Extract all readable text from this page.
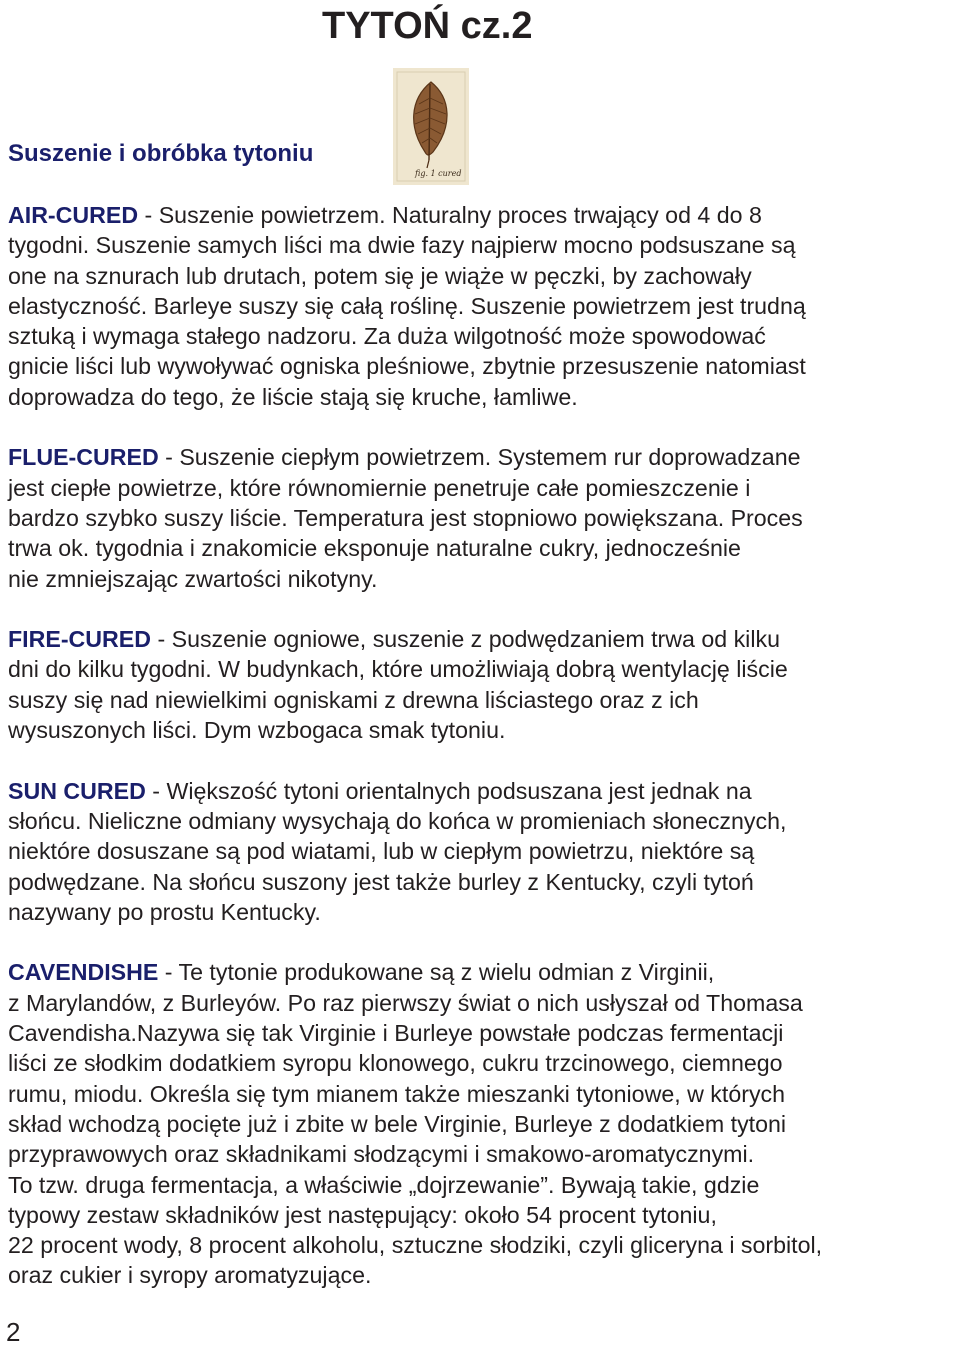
TYTOŃ cz.2
Suszenie i obróbka tytoniu
fig. 1 cured
AIR-CURED - Suszenie powietrzem. Naturalny proces trwający od 4 do 8
tygodni. Suszenie samych liści ma dwie fazy najpierw mocno podsuszane są
one na sznurach lub drutach, potem się je wiąże w pęczki, by zachowały
elastyczność. Barleye suszy się całą roślinę. Suszenie powietrzem jest trudną
sztuką i wymaga stałego nadzoru. Za duża wilgotność może spowodować
gnicie liści lub wywoływać ogniska pleśniowe, zbytnie przesuszenie natomiast
doprowadza do tego, że liście stają się kruche, łamliwe.
FLUE-CURED - Suszenie ciepłym powietrzem. Systemem rur doprowadzane
jest ciepłe powietrze, które równomiernie penetruje całe pomieszczenie i
bardzo szybko suszy liście. Temperatura jest stopniowo powiększana. Proces
trwa ok. tygodnia i znakomicie eksponuje naturalne cukry, jednocześnie
nie zmniejszając zwartości nikotyny.
FIRE-CURED - Suszenie ogniowe, suszenie z podwędzaniem trwa od kilku
dni do kilku tygodni. W budynkach, które umożliwiają dobrą wentylację liście
suszy się nad niewielkimi ogniskami z drewna liściastego oraz z ich
wysuszonych liści. Dym wzbogaca smak tytoniu.
SUN CURED - Większość tytoni orientalnych podsuszana jest jednak na
słońcu. Nieliczne odmiany wysychają do końca w promieniach słonecznych,
niektóre dosuszane są pod wiatami, lub w ciepłym powietrzu, niektóre są
podwędzane. Na słońcu suszony jest także burley z Kentucky, czyli tytoń
nazywany po prostu Kentucky.
CAVENDISHE - Te tytonie produkowane są z wielu odmian z Virginii,
z Marylandów, z Burleyów. Po raz pierwszy świat o nich usłyszał od Thomasa
Cavendisha.Nazywa się tak Virginie i Burleye powstałe podczas fermentacji
liści ze słodkim dodatkiem syropu klonowego, cukru trzcinowego, ciemnego
rumu, miodu. Określa się tym mianem także mieszanki tytoniowe, w których
skład wchodzą pocięte już i zbite w bele Virginie, Burleye z dodatkiem tytoni
przyprawowych oraz składnikami słodzącymi i smakowo-aromatycznymi.
To tzw. druga fermentacja, a właściwie „dojrzewanie”. Bywają takie, gdzie
typowy zestaw składników jest następujący: około 54 procent tytoniu,
22 procent wody, 8 procent alkoholu, sztuczne słodziki, czyli gliceryna i sorbitol,
oraz cukier i syropy aromatyzujące.
2
